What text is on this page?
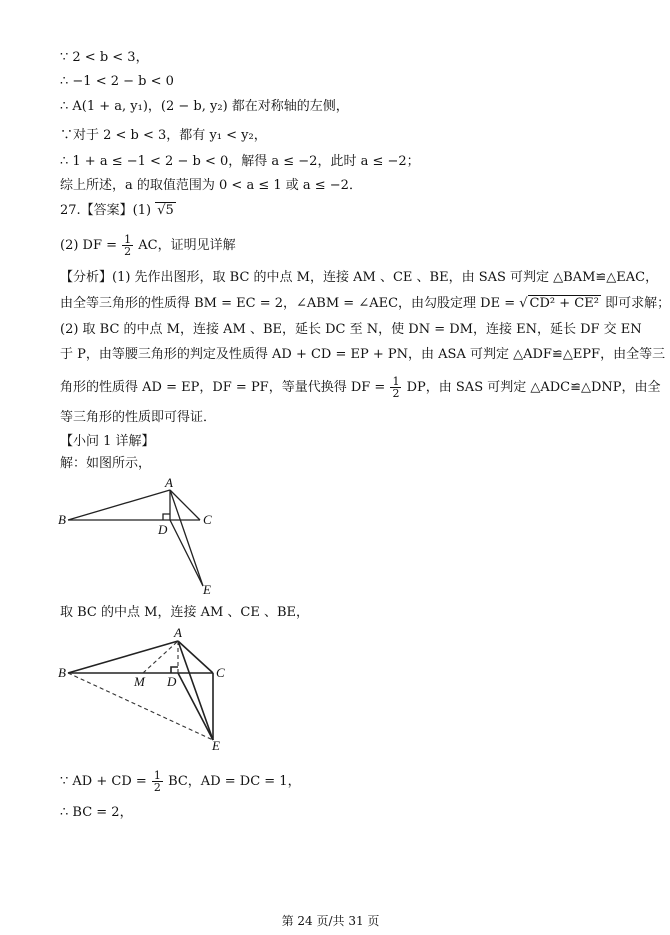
∵ 2 < b < 3，
∴ −1 < 2 − b < 0
∴ A(1 + a, y₁)，(2 − b, y₂) 都在对称轴的左侧，
∵对于 2 < b < 3，都有 y₁ < y₂，
∴ 1 + a ≤ −1 < 2 − b < 0，解得 a ≤ −2，此时 a ≤ −2；
综上所述，a 的取值范围为 0 < a ≤ 1 或 a ≤ −2．
27.【答案】(1) √5
(2) DF = $\frac{1}{2}$ AC，证明见详解
【分析】(1) 先作出图形，取 BC 的中点 M，连接 AM 、CE 、BE，由 SAS 可判定 △BAM≌△EAC，
由全等三角形的性质得 BM = EC = 2，∠ABM = ∠AEC，由勾股定理 DE = √ CD² + CE² 即可求解；
(2) 取 BC 的中点 M，连接 AM 、BE，延长 DC 至 N，使 DN = DM，连接 EN，延长 DF 交 EN
于 P，由等腰三角形的判定及性质得 AD + CD = EP + PN，由 ASA 可判定 △ADF≌△EPF，由全等三
角形的性质得 AD = EP，DF = PF，等量代换得 DF = $\frac{1}{2}$ DP，由 SAS 可判定 △ADC≌△DNP，由全
等三角形的性质即可得证．
【小问 1 详解】
解：如图所示，
A
B	C
D
E
取 BC 的中点 M，连接 AM 、CE 、BE，
A
B	C
D
M
E
∵ AD + CD = $\frac{1}{2}$ BC，AD = DC = 1，
∴ BC = 2，
第 24 页/共 31 页
